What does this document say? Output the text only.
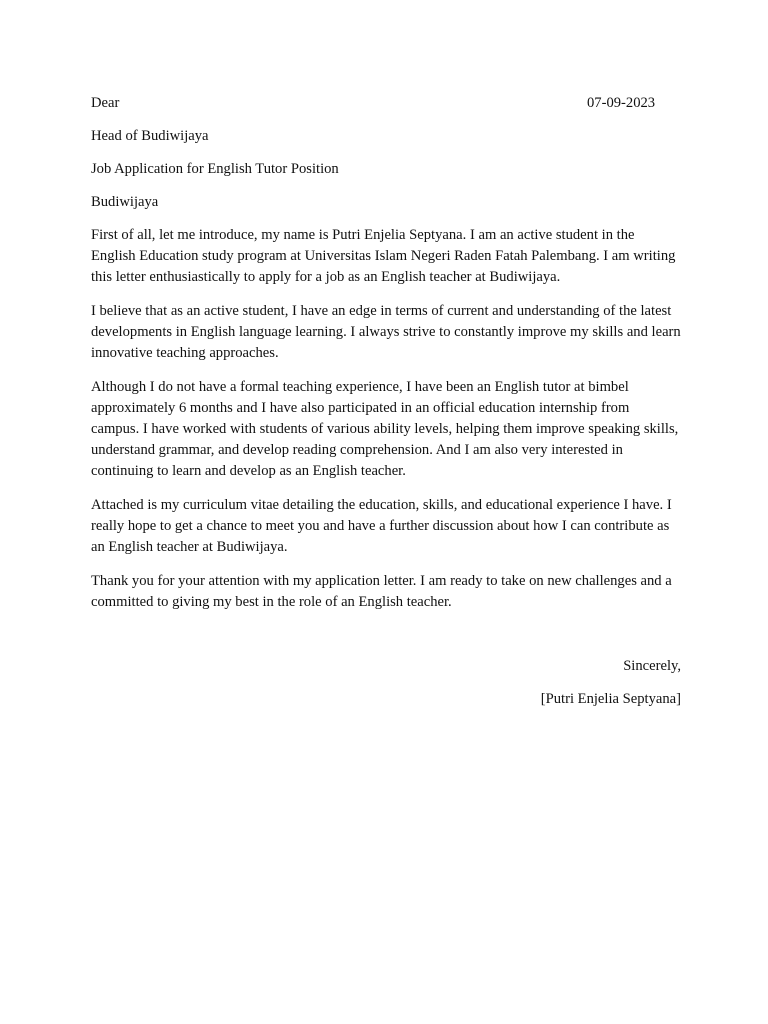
Dear	07-09-2023
Head of Budiwijaya
Job Application for English Tutor Position
Budiwijaya

First of all, let me introduce, my name is Putri Enjelia Septyana. I am an active student in the English Education study program at Universitas Islam Negeri Raden Fatah Palembang. I am writing this letter enthusiastically to apply for a job as an English teacher at Budiwijaya.

I believe that as an active student, I have an edge in terms of current and understanding of the latest developments in English language learning. I always strive to constantly improve my skills and learn innovative teaching approaches.

Although I do not have a formal teaching experience, I have been an English tutor at bimbel approximately 6 months and I have also participated in an official education internship from campus. I have worked with students of various ability levels, helping them improve speaking skills, understand grammar, and develop reading comprehension. And I am also very interested in continuing to learn and develop as an English teacher.

Attached is my curriculum vitae detailing the education, skills, and educational experience I have. I really hope to get a chance to meet you and have a further discussion about how I can contribute as an English teacher at Budiwijaya.

Thank you for your attention with my application letter. I am ready to take on new challenges and a committed to giving my best in the role of an English teacher.

Sincerely,
[Putri Enjelia Septyana]
